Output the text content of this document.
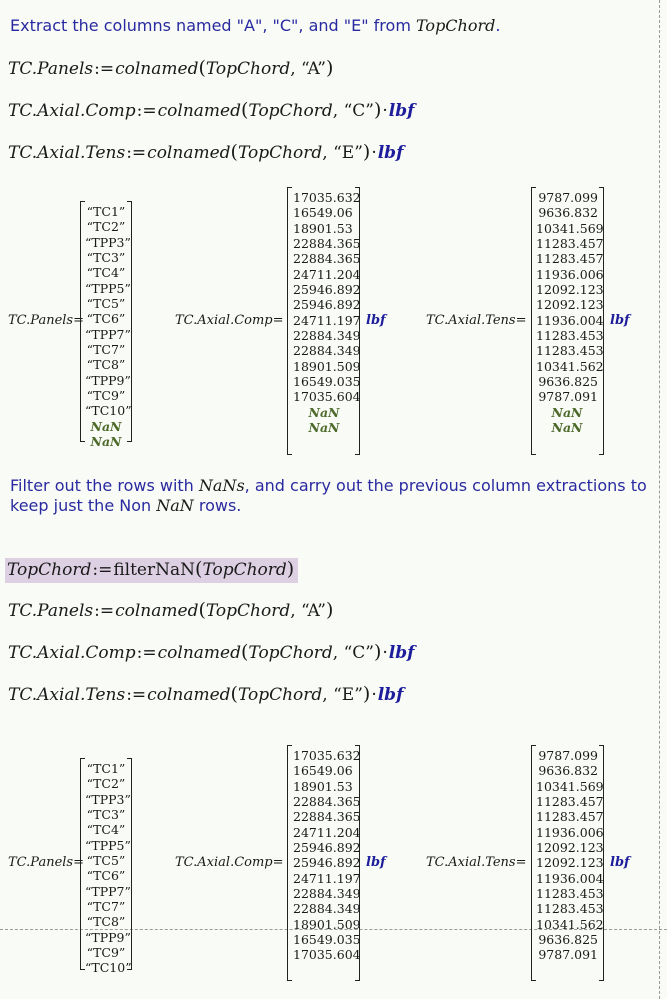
Extract the columns named "A", "C", and "E" from TopChord.
TC.Panels:=colnamed(TopChord, “A”)
TC.Axial.Comp:=colnamed(TopChord, “C”)·lbf
TC.Axial.Tens:=colnamed(TopChord, “E”)·lbf
TC.Panels=
“TC1”
“TC2”
“TPP3”
“TC3”
“TC4”
“TPP5”
“TC5”
“TC6”
“TPP7”
“TC7”
“TC8”
“TPP9”
“TC9”
“TC10”
NaN
NaN
TC.Axial.Comp=
17035.632
16549.06
18901.53
22884.365
22884.365
24711.204
25946.892
25946.892
24711.197
22884.349
22884.349
18901.509
16549.035
17035.604
NaN
NaN
lbf	TC.Axial.Tens=
9787.099
9636.832
10341.569
11283.457
11283.457
11936.006
12092.123
12092.123
11936.004
11283.453
11283.453
10341.562
9636.825
9787.091
NaN
NaN
lbf
Filter out the rows with NaNs, and carry out the previous column extractions to keep just the Non NaN rows.
TopChord:=filterNaN(TopChord)
TC.Panels:=colnamed(TopChord, “A”)
TC.Axial.Comp:=colnamed(TopChord, “C”)·lbf
TC.Axial.Tens:=colnamed(TopChord, “E”)·lbf
TC.Panels=
“TC1”
“TC2”
“TPP3”
“TC3”
“TC4”
“TPP5”
“TC5”
“TC6”
“TPP7”
“TC7”
“TC8”
“TPP9”
“TC9”
“TC10”
TC.Axial.Comp=
17035.632
16549.06
18901.53
22884.365
22884.365
24711.204
25946.892
25946.892
24711.197
22884.349
22884.349
18901.509
16549.035
17035.604
lbf	TC.Axial.Tens=
9787.099
9636.832
10341.569
11283.457
11283.457
11936.006
12092.123
12092.123
11936.004
11283.453
11283.453
10341.562
9636.825
9787.091
lbf
